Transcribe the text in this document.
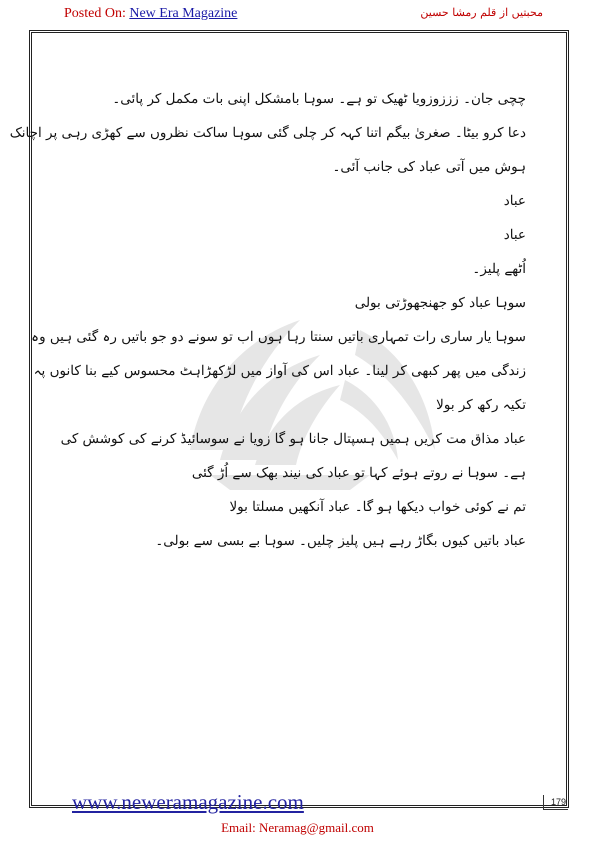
Posted On: New Era Magazine	محبتیں از قلم رمشا حسین

چچی جان۔ زززوزویا ٹھیک تو ہے۔ سوہا بامشکل اپنی بات مکمل کر پائی۔

دعا کرو بیٹا۔ صغریٰ بیگم اتنا کہہ کر چلی گئی سوہا ساکت نظروں سے کھڑی رہی پر اچانک

ہوش میں آتی عباد کی جانب آئی۔

عباد

عباد

اُٹھے پلیز۔

سوہا عباد کو جھنجھوڑتی بولی

سوہا یار ساری رات تمہاری باتیں سنتا رہا ہوں اب تو سونے دو جو باتیں رہ گئی ہیں وہ

زندگی میں پھر کبھی کر لینا۔ عباد اس کی آواز میں لڑکھڑاہٹ محسوس کیے بنا کانوں پہ

تکیہ رکھ کر بولا

عباد مذاق مت کریں ہمیں ہسپتال جانا ہو گا زویا نے سوسائیڈ کرنے کی کوشش کی

ہے۔ سوہا نے روتے ہوئے کہا تو عباد کی نیند بھک سے اُڑ گئی

تم نے کوئی خواب دیکھا ہو گا۔ عباد آنکھیں مسلتا بولا

عباد باتیں کیوں بگاڑ رہے ہیں پلیز چلیں۔ سوہا بے بسی سے بولی۔

www.neweramagazine.com	179
Email: Neramag@gmail.com
